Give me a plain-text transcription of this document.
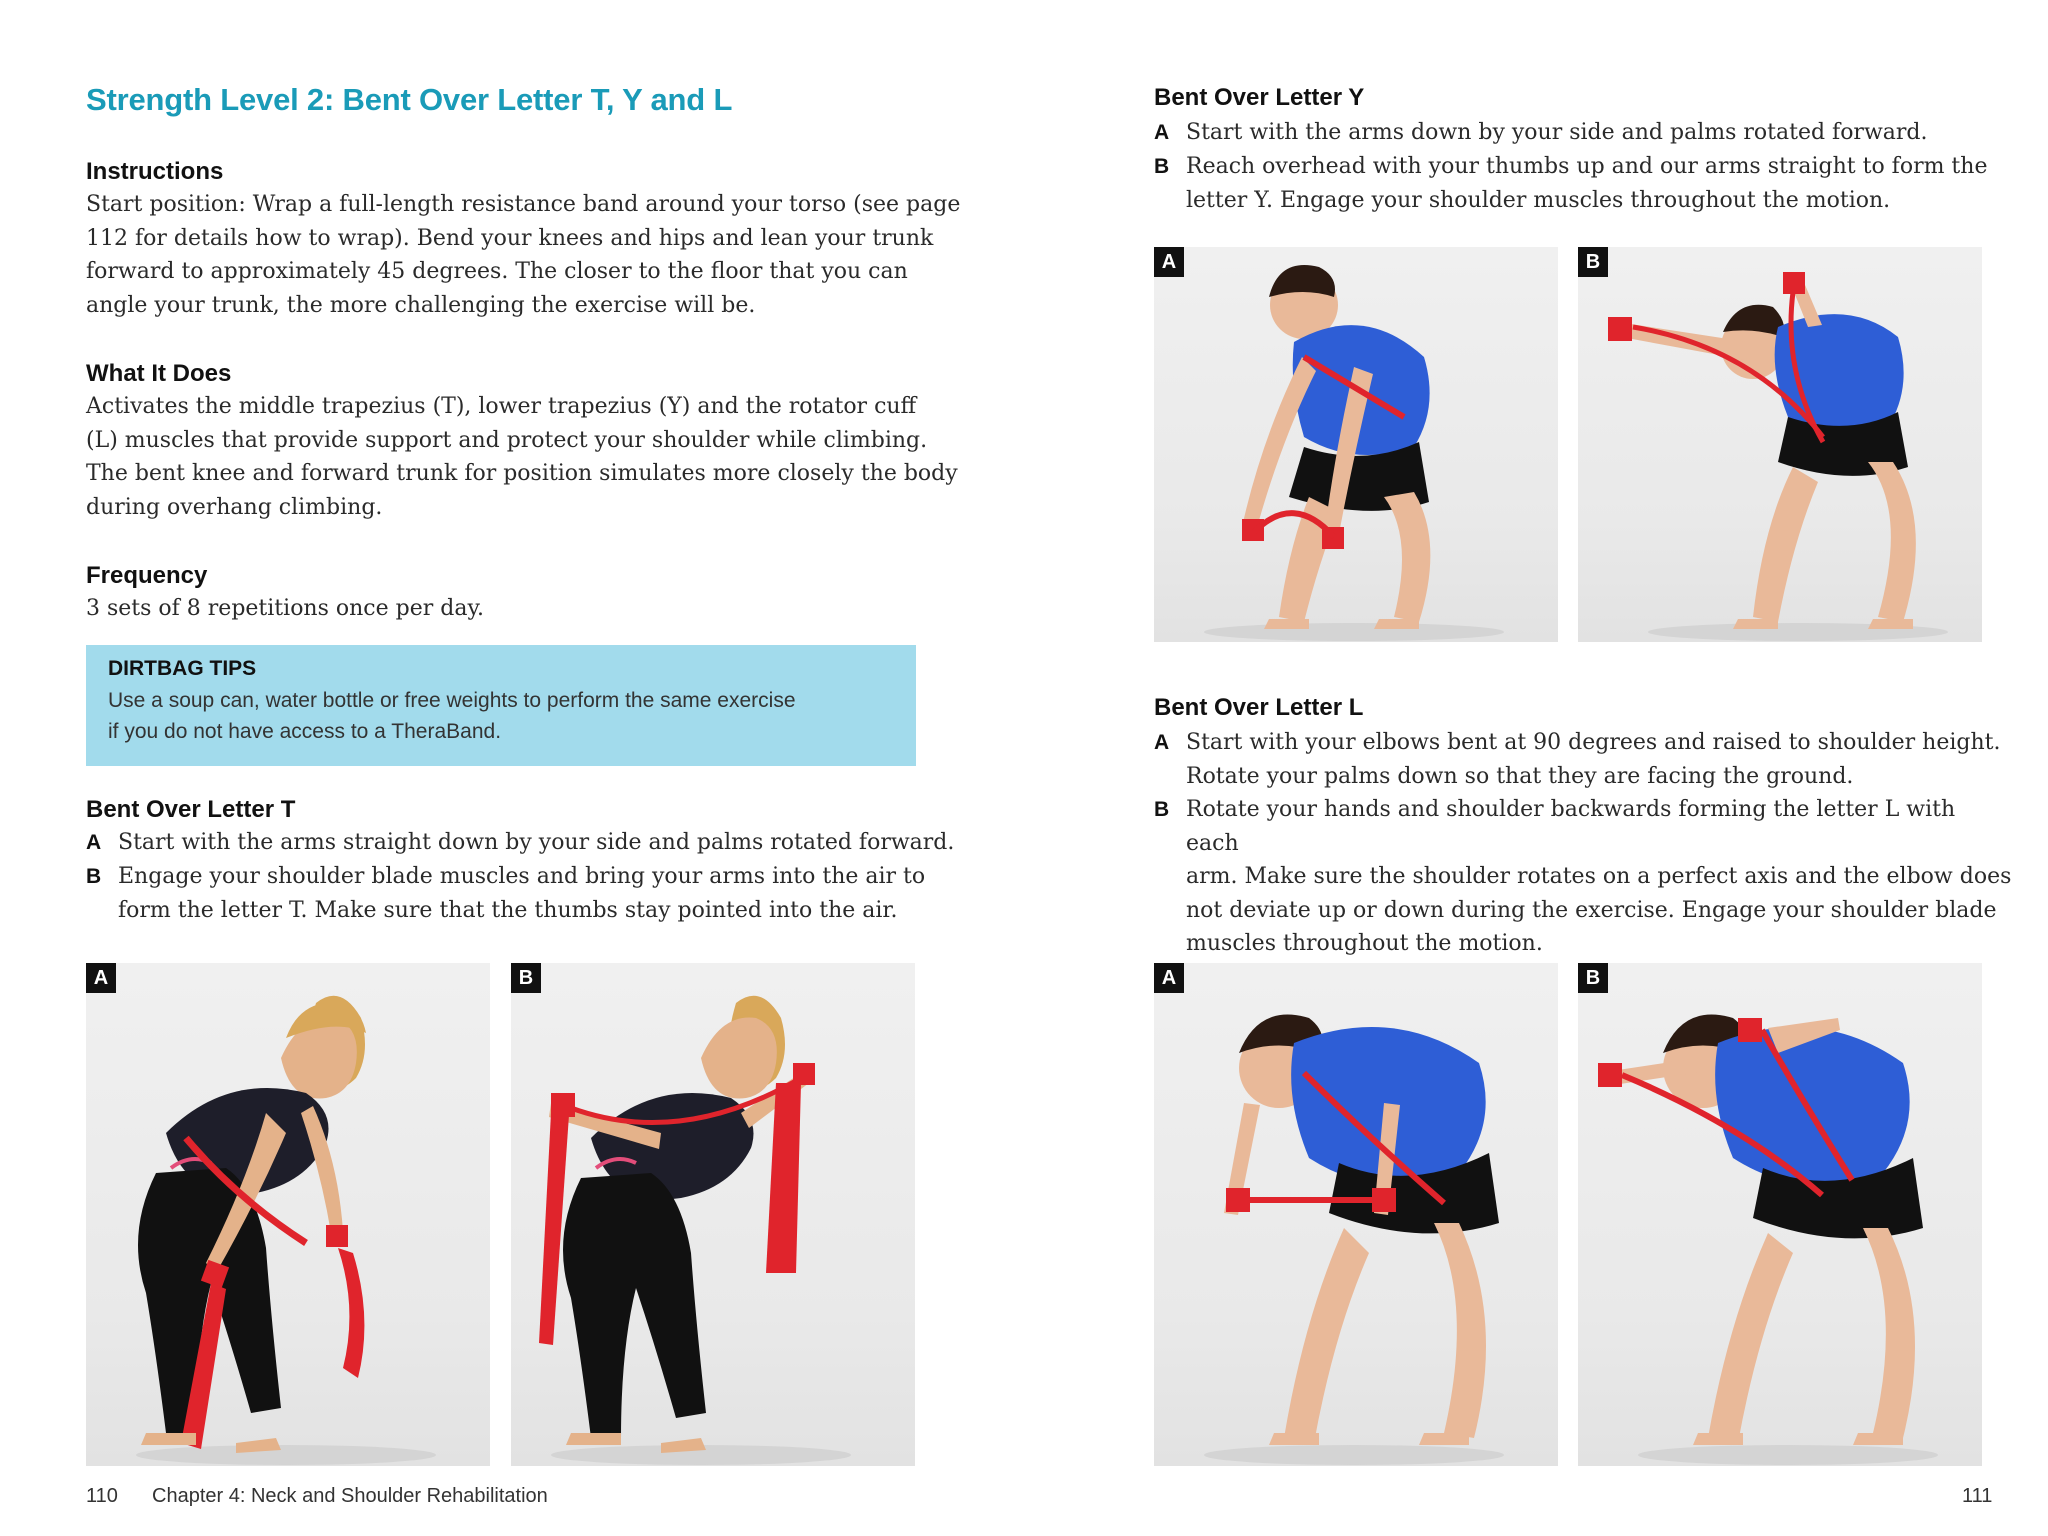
Strength Level 2: Bent Over Letter T, Y and L
Instructions
Start position: Wrap a full-length resistance band around your torso (see page
112 for details how to wrap). Bend your knees and hips and lean your trunk
forward to approximately 45 degrees. The closer to the floor that you can
angle your trunk, the more challenging the exercise will be.
What It Does
Activates the middle trapezius (T), lower trapezius (Y) and the rotator cuff
(L) muscles that provide support and protect your shoulder while climbing.
The bent knee and forward trunk for position simulates more closely the body
during overhang climbing.
Frequency
3 sets of 8 repetitions once per day.
DIRTBAG TIPS
Use a soup can, water bottle or free weights to perform the same exercise
if you do not have access to a TheraBand.
Bent Over Letter T
A Start with the arms straight down by your side and palms rotated forward.
B Engage your shoulder blade muscles and bring your arms into the air to
form the letter T. Make sure that the thumbs stay pointed into the air.
A	B
110 Chapter 4: Neck and Shoulder Rehabilitation
Bent Over Letter Y
A Start with the arms down by your side and palms rotated forward.
B Reach overhead with your thumbs up and our arms straight to form the
letter Y. Engage your shoulder muscles throughout the motion.
A	B
Bent Over Letter L
A Start with your elbows bent at 90 degrees and raised to shoulder height.
Rotate your palms down so that they are facing the ground.
B Rotate your hands and shoulder backwards forming the letter L with each
arm. Make sure the shoulder rotates on a perfect axis and the elbow does
not deviate up or down during the exercise. Engage your shoulder blade
muscles throughout the motion.
A	B
111
